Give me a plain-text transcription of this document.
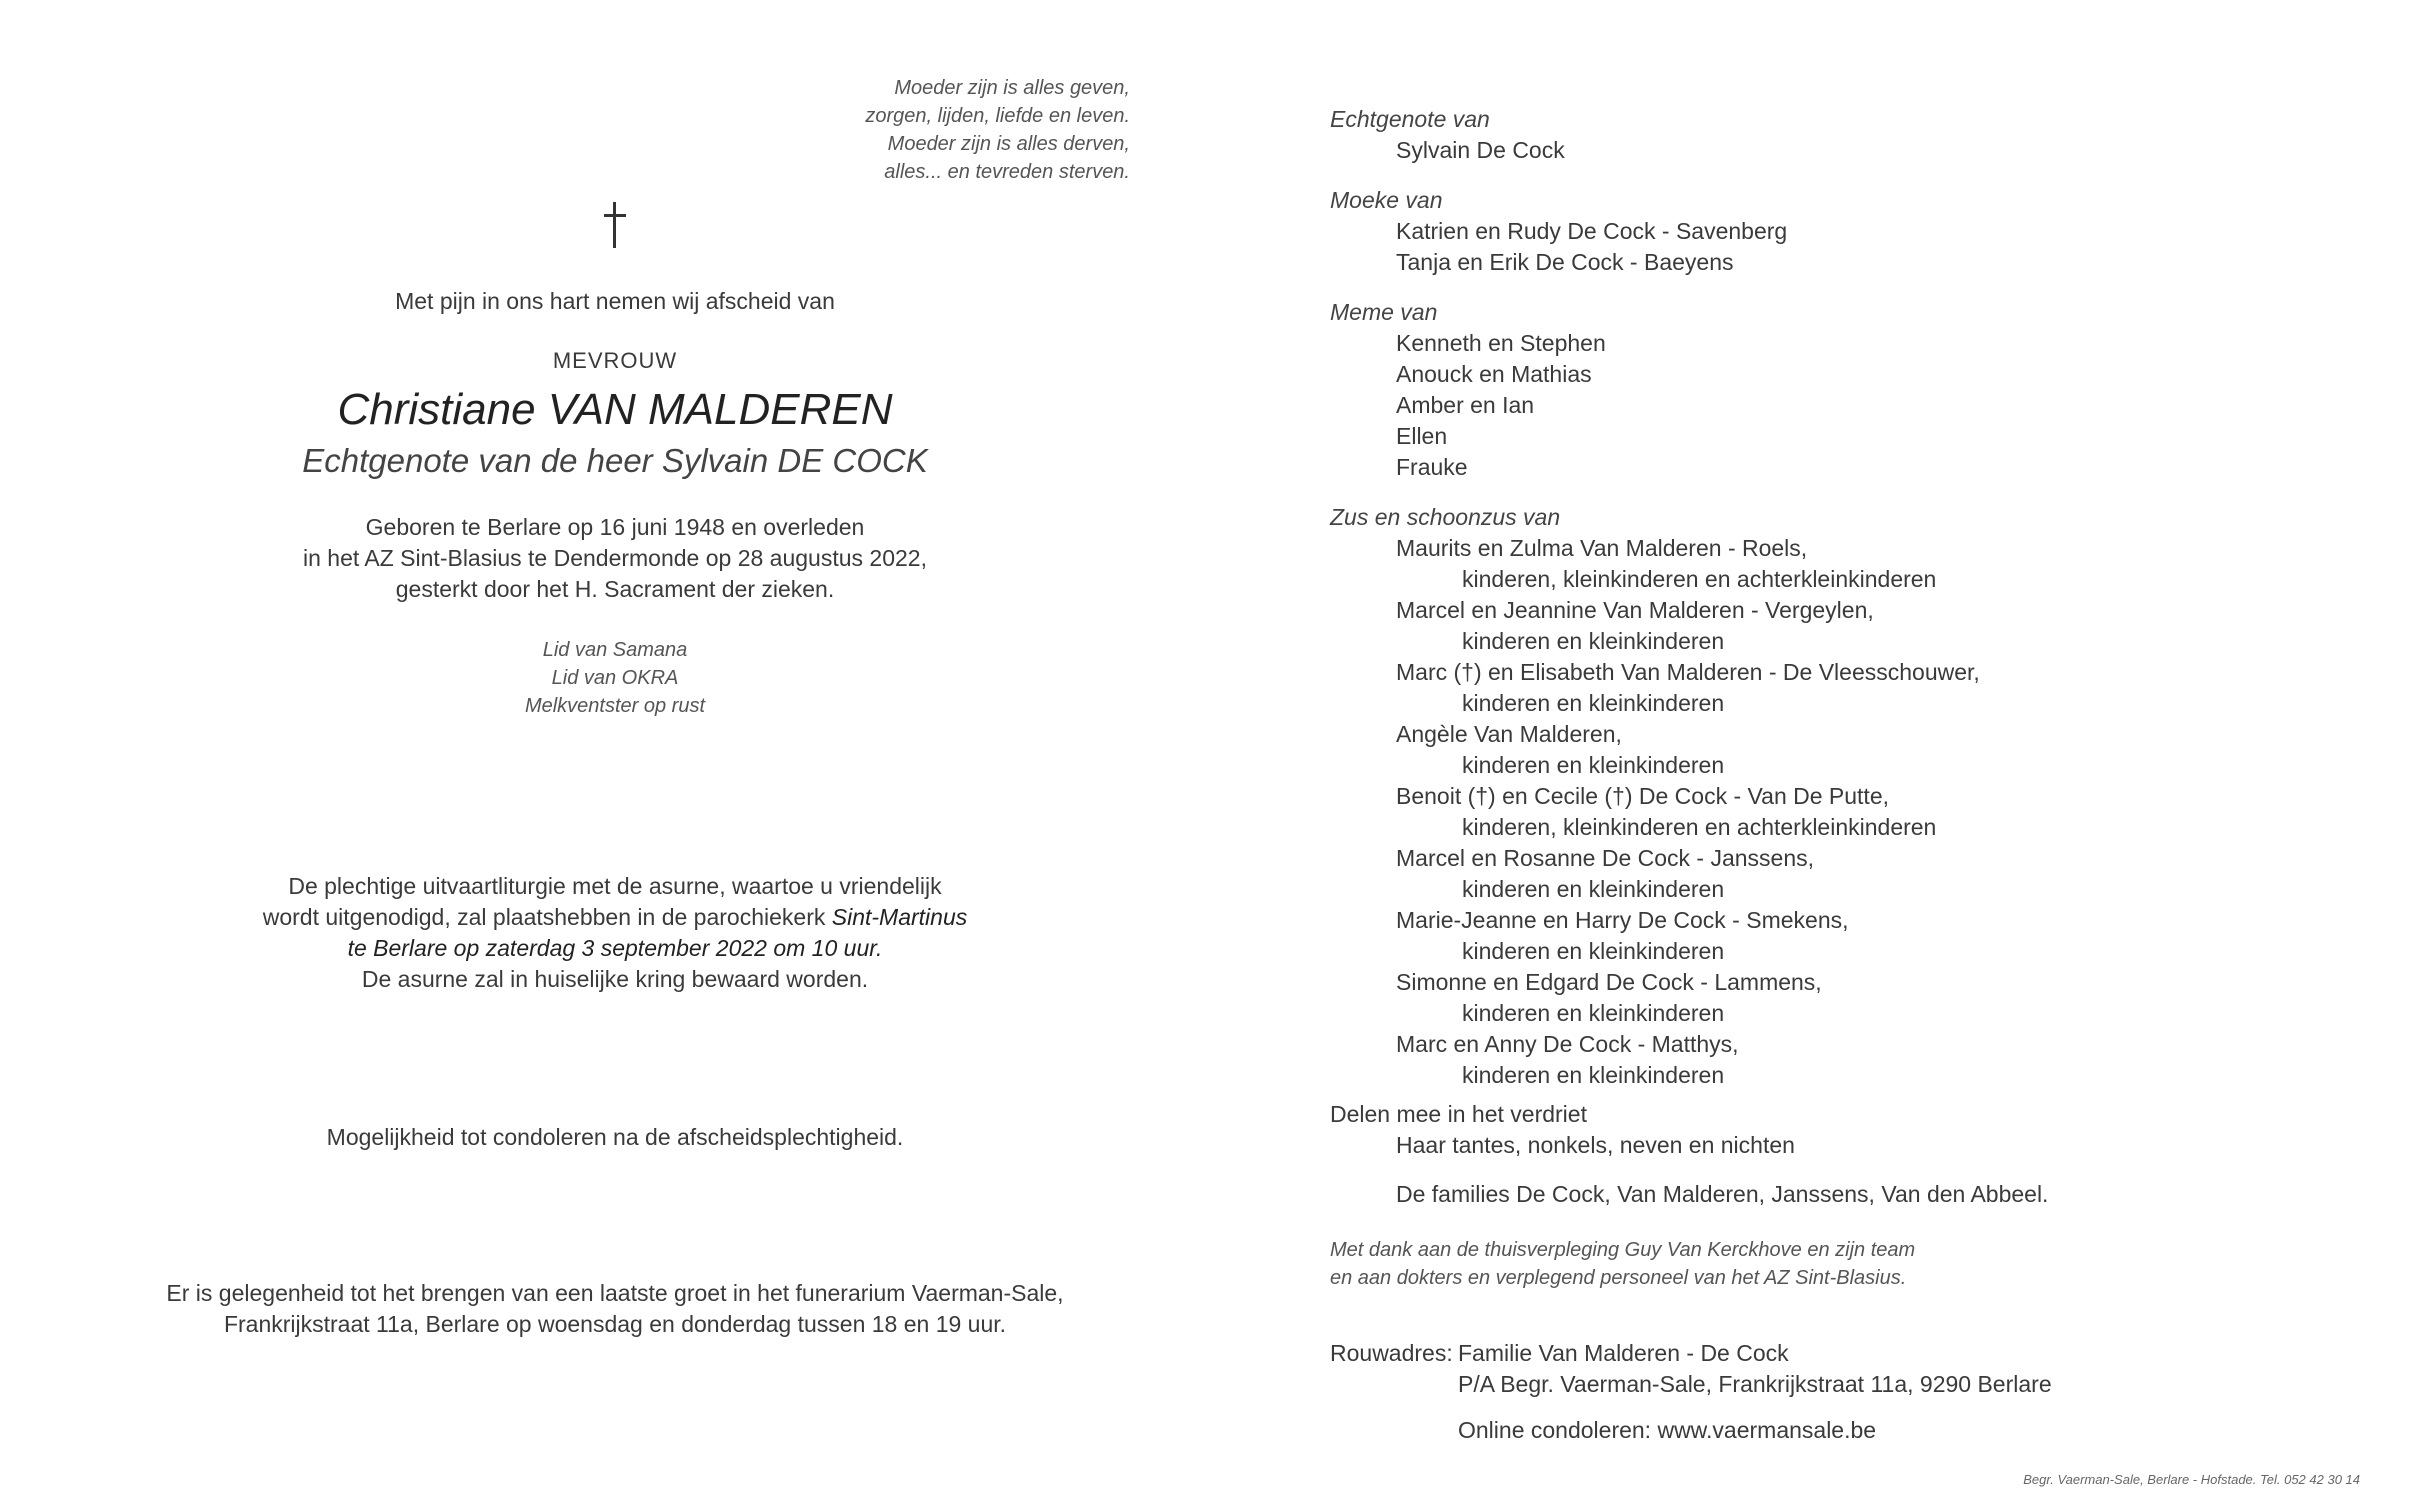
Moeder zijn is alles geven,
zorgen, lijden, liefde en leven.
Moeder zijn is alles derven,
alles... en tevreden sterven.
Met pijn in ons hart nemen wij afscheid van
MEVROUW
Christiane VAN MALDEREN
Echtgenote van de heer Sylvain DE COCK
Geboren te Berlare op 16 juni 1948 en overleden
in het AZ Sint-Blasius te Dendermonde op 28 augustus 2022,
gesterkt door het H. Sacrament der zieken.
Lid van Samana
Lid van OKRA
Melkventster op rust
De plechtige uitvaartliturgie met de asurne, waartoe u vriendelijk
wordt uitgenodigd, zal plaatshebben in de parochiekerk Sint-Martinus
te Berlare op zaterdag 3 september 2022 om 10 uur.
De asurne zal in huiselijke kring bewaard worden.
Mogelijkheid tot condoleren na de afscheidsplechtigheid.
Er is gelegenheid tot het brengen van een laatste groet in het funerarium Vaerman-Sale,
Frankrijkstraat 11a, Berlare op woensdag en donderdag tussen 18 en 19 uur.
Echtgenote van
Sylvain De Cock
Moeke van
Katrien en Rudy De Cock - Savenberg
Tanja en Erik De Cock - Baeyens
Meme van
Kenneth en Stephen
Anouck en Mathias
Amber en Ian
Ellen
Frauke
Zus en schoonzus van
Maurits en Zulma Van Malderen - Roels,
kinderen, kleinkinderen en achterkleinkinderen
Marcel en Jeannine Van Malderen - Vergeylen,
kinderen en kleinkinderen
Marc (†) en Elisabeth Van Malderen - De Vleesschouwer,
kinderen en kleinkinderen
Angèle Van Malderen,
kinderen en kleinkinderen
Benoit (†) en Cecile (†) De Cock - Van De Putte,
kinderen, kleinkinderen en achterkleinkinderen
Marcel en Rosanne De Cock - Janssens,
kinderen en kleinkinderen
Marie-Jeanne en Harry De Cock - Smekens,
kinderen en kleinkinderen
Simonne en Edgard De Cock - Lammens,
kinderen en kleinkinderen
Marc en Anny De Cock - Matthys,
kinderen en kleinkinderen
Delen mee in het verdriet
Haar tantes, nonkels, neven en nichten
De families De Cock, Van Malderen, Janssens, Van den Abbeel.
Met dank aan de thuisverpleging Guy Van Kerckhove en zijn team
en aan dokters en verplegend personeel van het AZ Sint-Blasius.
Rouwadres: Familie Van Malderen - De Cock
P/A Begr. Vaerman-Sale, Frankrijkstraat 11a, 9290 Berlare
Online condoleren: www.vaermansale.be
Begr. Vaerman-Sale, Berlare - Hofstade. Tel. 052 42 30 14
